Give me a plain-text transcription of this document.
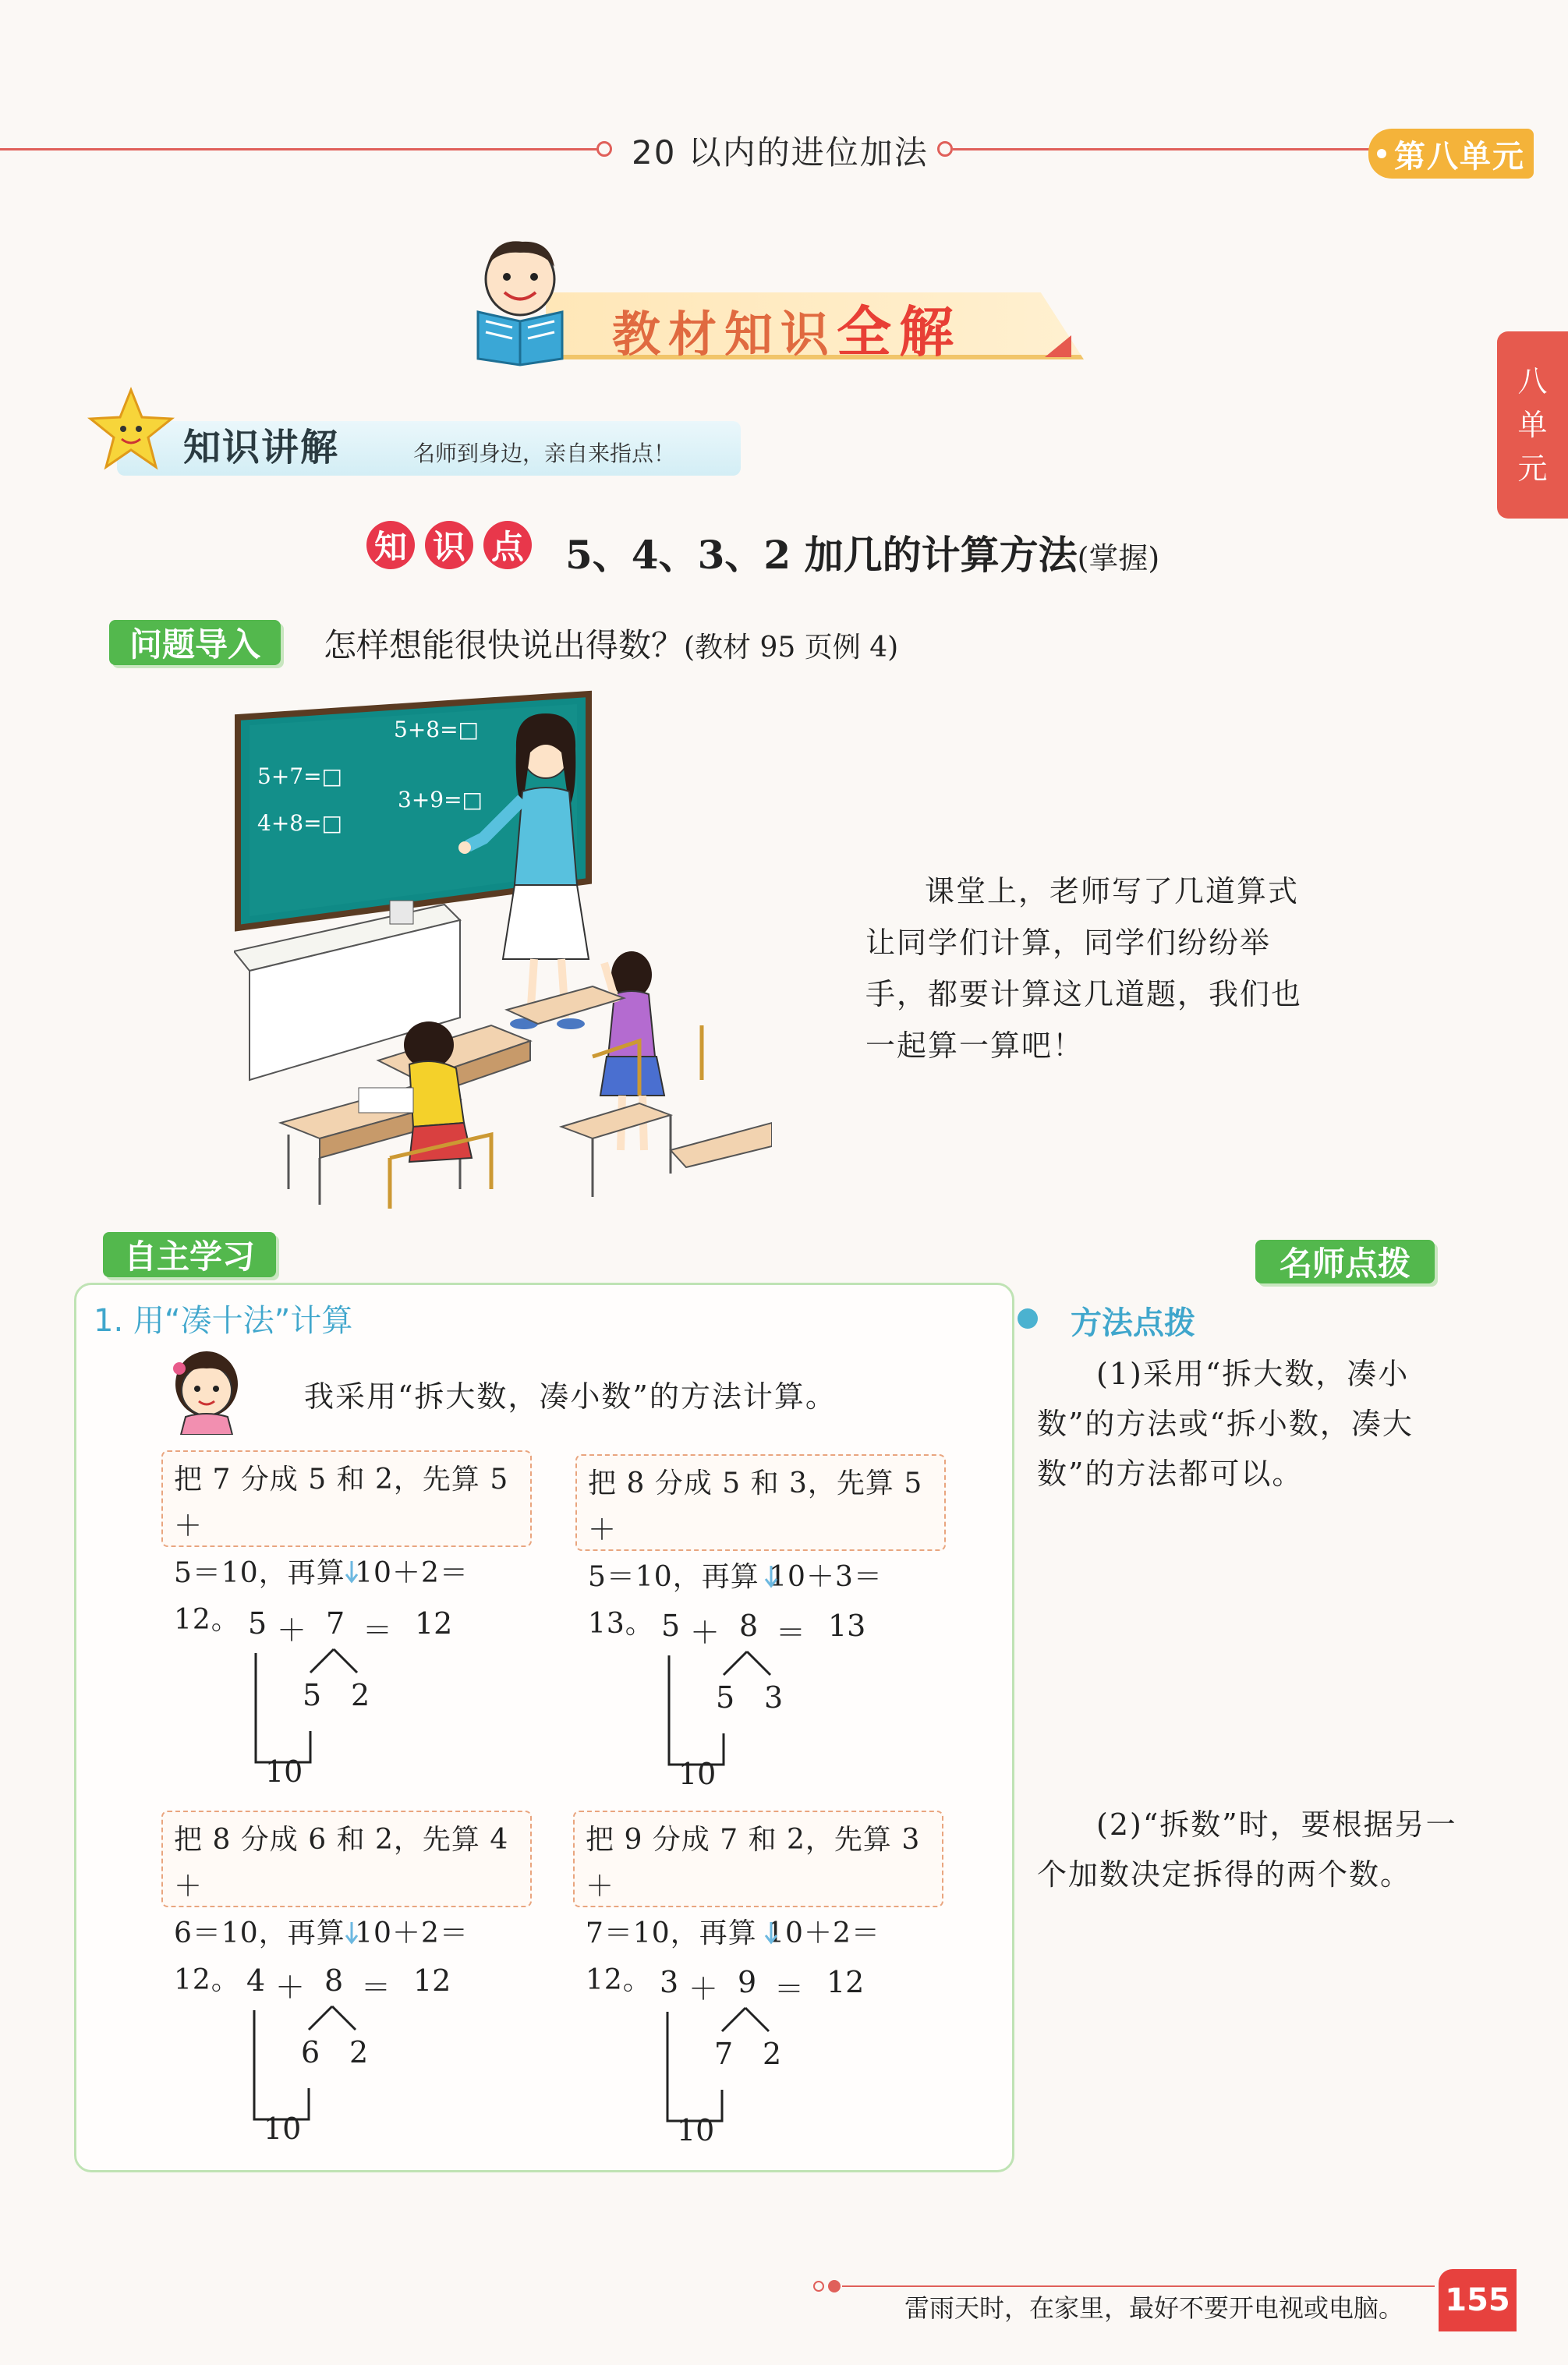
20 以内的进位加法	第八单元
八
单
元
教材知识全解
知识讲解	名师到身边，亲自来指点！
知 识 点 5、4、3、2 加几的计算方法(掌握)
问题导入	怎样想能很快说出得数？(教材 95 页例 4)
5+7=□
5+8=□
4+8=□
3+9=□
课堂上，老师写了几道算式让同学们计算，同学们纷纷举手，都要计算这几道题，我们也一起算一算吧！
自主学习	名师点拨
1. 用“凑十法”计算
我采用“拆大数，凑小数”的方法计算。
把 7 分成 5 和 2，先算 5＋
5＝10，再算 10＋2＝12。
把 8 分成 5 和 3，先算 5＋
5＝10，再算 10＋3＝13。
把 8 分成 6 和 2，先算 4＋
6＝10，再算 10＋2＝12。
把 9 分成 7 和 2，先算 3＋
7＝10，再算 10＋2＝12。
5 ＋ 7 ＝ 12
5 2
10
5 ＋ 8 ＝ 13
5 3
10
4 ＋ 8 ＝ 12
6 2
10
3 ＋ 9 ＝ 12
7 2
10
方法点拨
(1)采用“拆大数，凑小数”的方法或“拆小数，凑大数”的方法都可以。
(2)“拆数”时，要根据另一个加数决定拆得的两个数。
雷雨天时，在家里，最好不要开电视或电脑。 155
